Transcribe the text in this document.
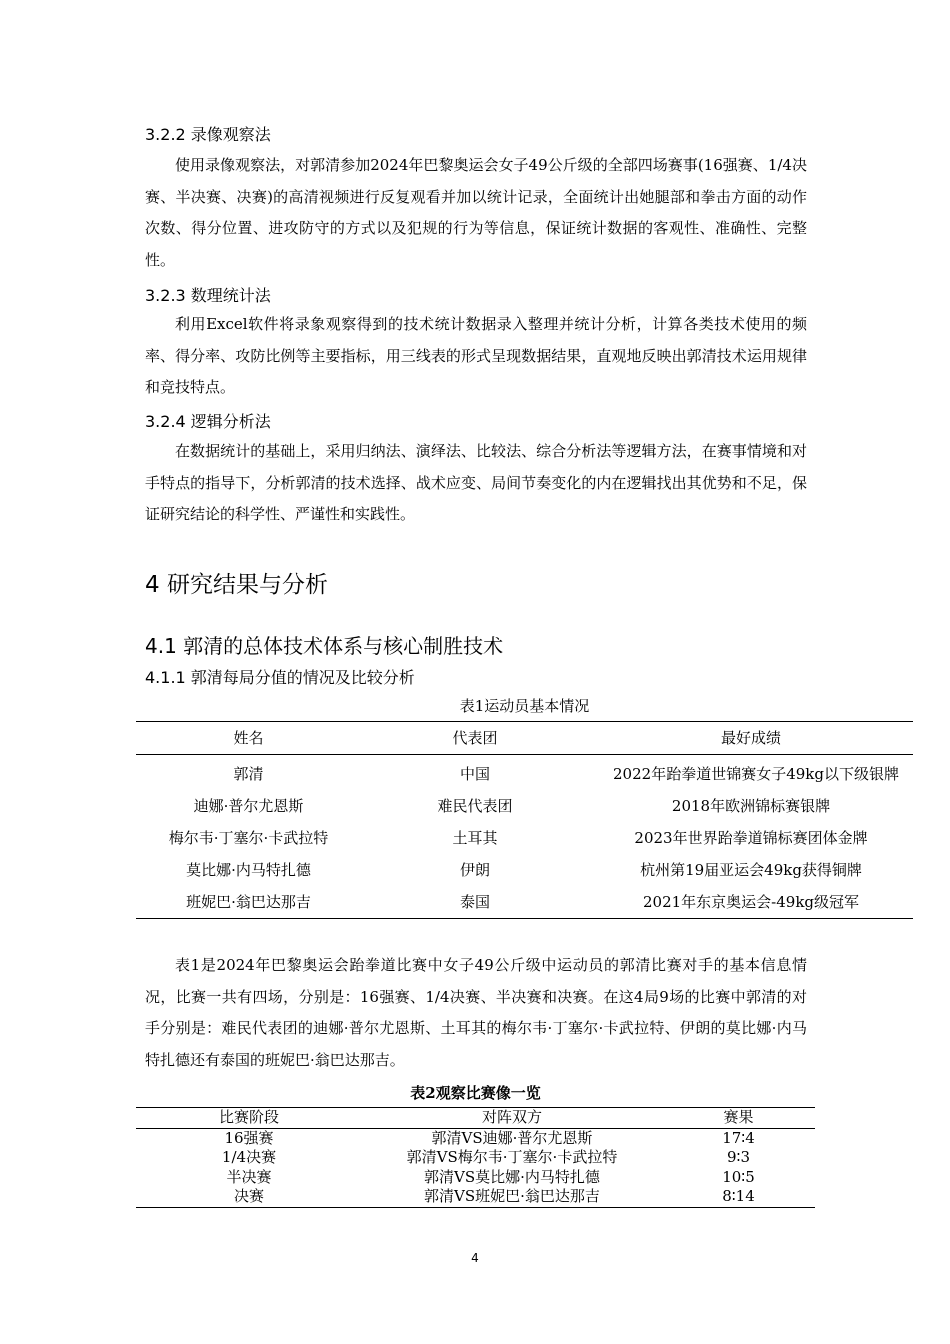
3.2.2 录像观察法

使用录像观察法，对郭清参加2024年巴黎奥运会女子49公斤级的全部四场赛事(16强赛、1/4决赛、半决赛、决赛)的高清视频进行反复观看并加以统计记录，全面统计出她腿部和拳击方面的动作次数、得分位置、进攻防守的方式以及犯规的行为等信息，保证统计数据的客观性、准确性、完整性。

3.2.3 数理统计法

利用Excel软件将录象观察得到的技术统计数据录入整理并统计分析，计算各类技术使用的频率、得分率、攻防比例等主要指标，用三线表的形式呈现数据结果，直观地反映出郭清技术运用规律和竞技特点。

3.2.4 逻辑分析法

在数据统计的基础上，采用归纳法、演绎法、比较法、综合分析法等逻辑方法，在赛事情境和对手特点的指导下，分析郭清的技术选择、战术应变、局间节奏变化的内在逻辑找出其优势和不足，保证研究结论的科学性、严谨性和实践性。

4 研究结果与分析
4.1 郭清的总体技术体系与核心制胜技术
4.1.1 郭清每局分值的情况及比较分析
表1运动员基本情况
姓名	代表团	最好成绩
郭清	中国	2022年跆拳道世锦赛女子49kg以下级银牌
迪娜·普尔尤恩斯	难民代表团	2018年欧洲锦标赛银牌
梅尔韦·丁塞尔·卡武拉特	土耳其	2023年世界跆拳道锦标赛团体金牌
莫比娜·内马特扎德	伊朗	杭州第19届亚运会49kg获得铜牌
班妮巴·翁巴达那吉	泰国	2021年东京奥运会-49kg级冠军

表1是2024年巴黎奥运会跆拳道比赛中女子49公斤级中运动员的郭清比赛对手的基本信息情况，比赛一共有四场，分别是：16强赛、1/4决赛、半决赛和决赛。在这4局9场的比赛中郭清的对手分别是：难民代表团的迪娜·普尔尤恩斯、土耳其的梅尔韦·丁塞尔·卡武拉特、伊朗的莫比娜·内马特扎德还有泰国的班妮巴·翁巴达那吉。

表2观察比赛像一览
比赛阶段	对阵双方	赛果
16强赛	郭清VS迪娜·普尔尤恩斯	17∶4
1/4决赛	郭清VS梅尔韦·丁塞尔·卡武拉特	9∶3
半决赛	郭清VS莫比娜·内马特扎德	10∶5
决赛	郭清VS班妮巴·翁巴达那吉	8∶14
4
